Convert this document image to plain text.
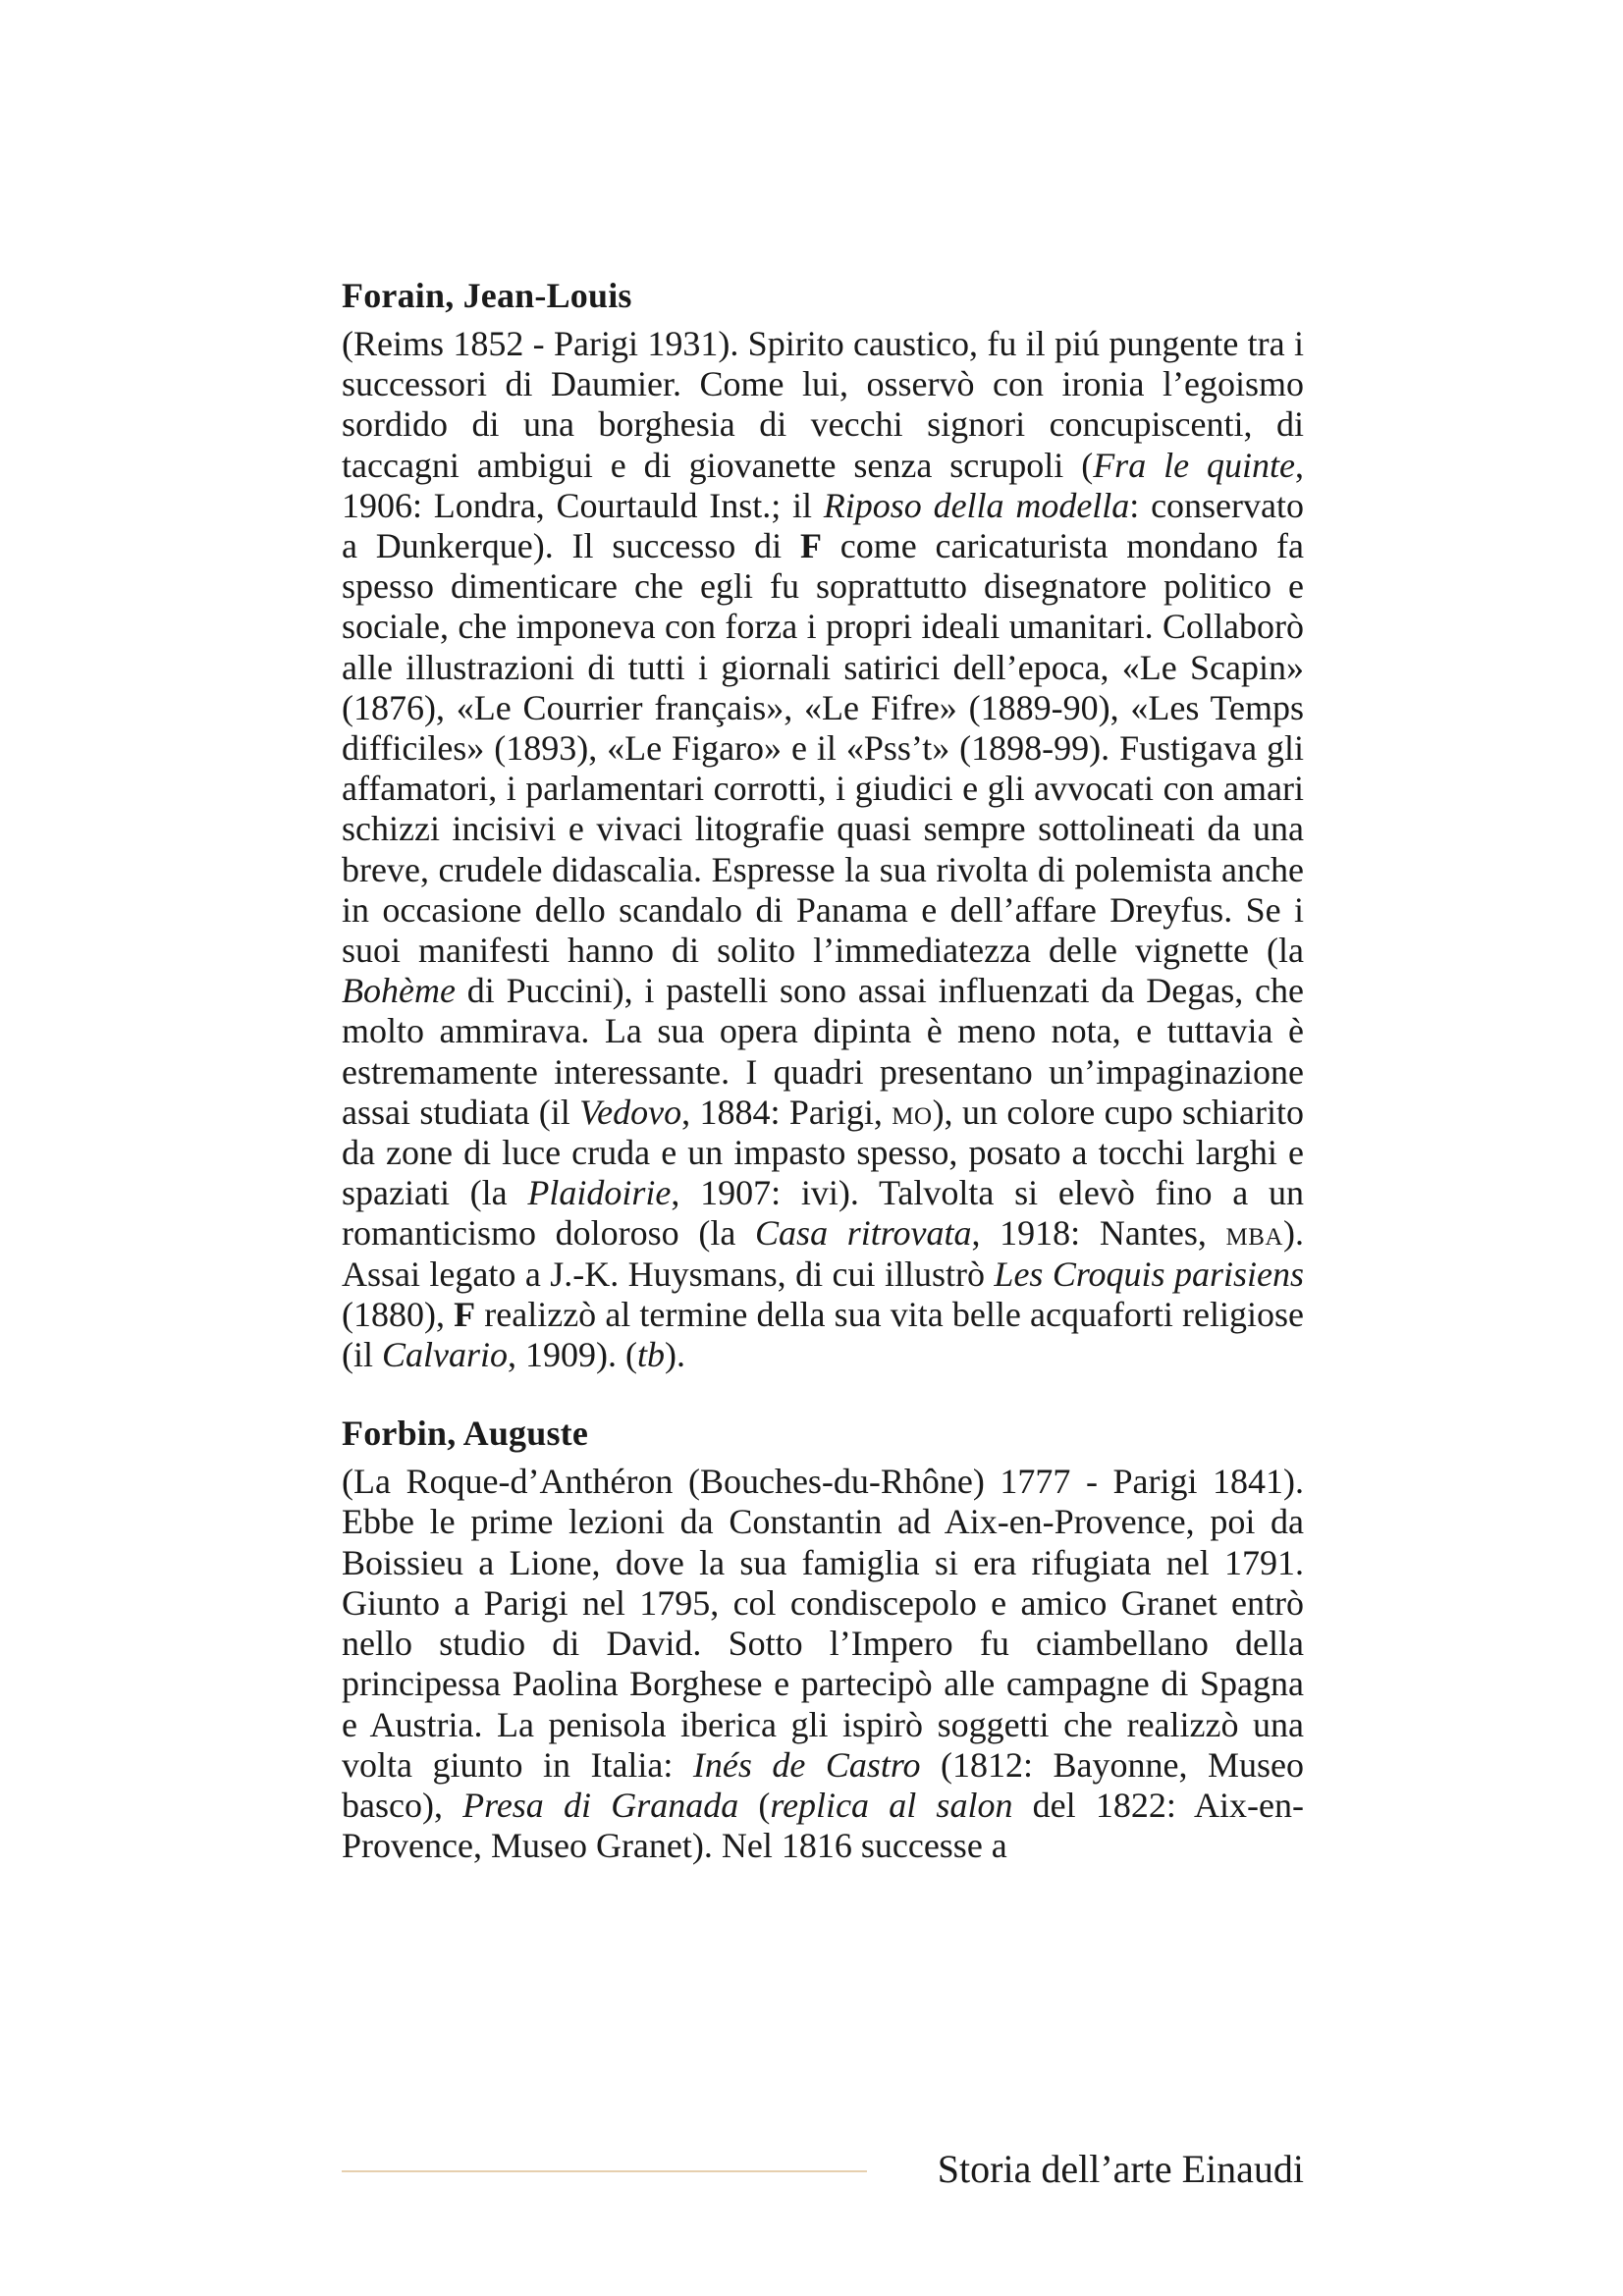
Forain, Jean-Louis

(Reims 1852 - Parigi 1931). Spirito caustico, fu il piú pungente tra i successori di Daumier. Come lui, osservò con ironia l’egoismo sordido di una borghesia di vecchi signori concupiscenti, di taccagni ambigui e di giovanette senza scrupoli (Fra le quinte, 1906: Londra, Courtauld Inst.; il Riposo della modella: conservato a Dunkerque). Il successo di F come caricaturista mondano fa spesso dimenticare che egli fu soprattutto disegnatore politico e sociale, che imponeva con forza i propri ideali umanitari. Collaborò alle illustrazioni di tutti i giornali satirici dell’epoca, «Le Scapin» (1876), «Le Courrier français», «Le Fifre» (1889-90), «Les Temps difficiles» (1893), «Le Figaro» e il «Pss’t» (1898-99). Fustigava gli affamatori, i parlamentari corrotti, i giudici e gli avvocati con amari schizzi incisivi e vivaci litografie quasi sempre sottolineati da una breve, crudele didascalia. Espresse la sua rivolta di polemista anche in occasione dello scandalo di Panama e dell’affare Dreyfus. Se i suoi manifesti hanno di solito l’immediatezza delle vignette (la Bohème di Puccini), i pastelli sono assai influenzati da Degas, che molto ammirava. La sua opera dipinta è meno nota, e tuttavia è estremamente interessante. I quadri presentano un’impaginazione assai studiata (il Vedovo, 1884: Parigi, mo), un colore cupo schiarito da zone di luce cruda e un impasto spesso, posato a tocchi larghi e spaziati (la Plaidoirie, 1907: ivi). Talvolta si elevò fino a un romanticismo doloroso (la Casa ritrovata, 1918: Nantes, mba). Assai legato a J.-K. Huysmans, di cui illustrò Les Croquis parisiens (1880), F realizzò al termine della sua vita belle acquaforti religiose (il Calvario, 1909). (tb).

Forbin, Auguste

(La Roque-d’Anthéron (Bouches-du-Rhône) 1777 - Parigi 1841). Ebbe le prime lezioni da Constantin ad Aix-en-Provence, poi da Boissieu a Lione, dove la sua famiglia si era rifugiata nel 1791. Giunto a Parigi nel 1795, col condiscepolo e amico Granet entrò nello studio di David. Sotto l’Impero fu ciambellano della principessa Paolina Borghese e partecipò alle campagne di Spagna e Austria. La penisola iberica gli ispirò soggetti che realizzò una volta giunto in Italia: Inés de Castro (1812: Bayonne, Museo basco), Presa di Granada (replica al salon del 1822: Aix-en-Provence, Museo Granet). Nel 1816 successe a

Storia dell’arte Einaudi
